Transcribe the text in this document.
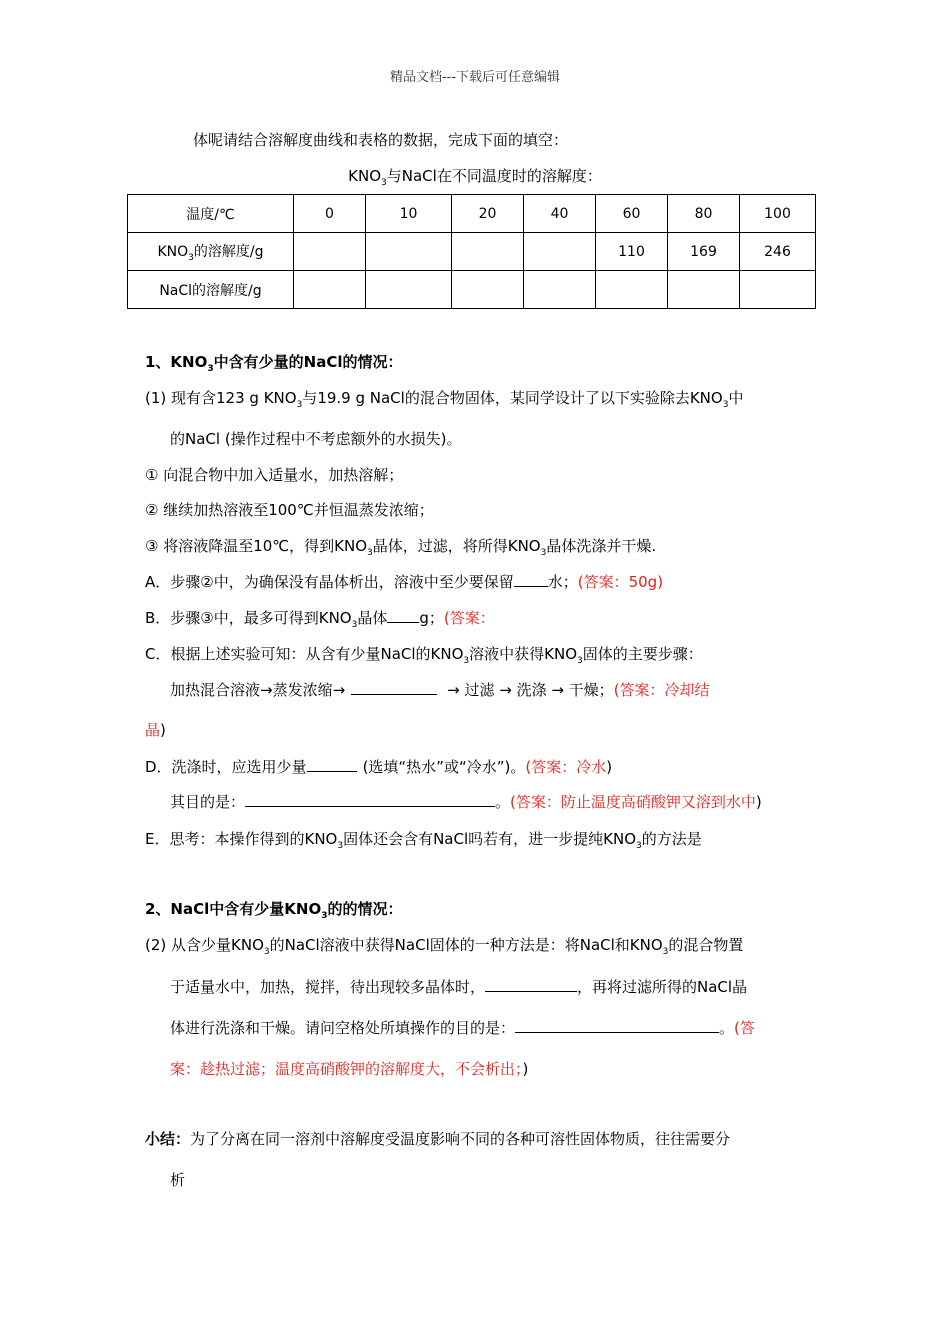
精品文档---下载后可任意编辑
体呢请结合溶解度曲线和表格的数据，完成下面的填空：
$KNO_3$与NaCl在不同温度时的溶解度：
温度/℃	0	10	20	40	60	80	100
$KNO_3$的溶解度/g					110	169	246
NaCl的溶解度/g							
1、$KNO_3$中含有少量的NaCl的情况：
(1) 现有含123 g $KNO_3$与19.9 g NaCl的混合物固体，某同学设计了以下实验除去$KNO_3$中
的NaCl (操作过程中不考虑额外的水损失)。
① 向混合物中加入适量水，加热溶解；
② 继续加热溶液至100℃并恒温蒸发浓缩；
③ 将溶液降温至10℃，得到$KNO_3$晶体，过滤，将所得$KNO_3$晶体洗涤并干燥.
A．步骤②中，为确保没有晶体析出，溶液中至少要保留 水；(答案：50g)
B．步骤③中，最多可得到$KNO_3$晶体 g；(答案：
C．根据上述实验可知：从含有少量NaCl的$KNO_3$溶液中获得$KNO_3$固体的主要步骤：
加热混合溶液→蒸发浓缩→	→ 过滤 → 洗涤 → 干燥；(答案：冷却结
晶)
D．洗涤时，应选用少量	(选填“热水”或“冷水”)。(答案：冷水)
其目的是：	。(答案：防止温度高硝酸钾又溶到水中)
E．思考：本操作得到的$KNO_3$固体还会含有NaCl吗若有，进一步提纯$KNO_3$的方法是
2、NaCl中含有少量$KNO_3$的的情况：
(2) 从含少量$KNO_3$的NaCl溶液中获得NaCl固体的一种方法是：将NaCl和$KNO_3$的混合物置
于适量水中，加热，搅拌，待出现较多晶体时，	，再将过滤所得的NaCl晶
体进行洗涤和干燥。请问空格处所填操作的目的是：	。(答
案：趁热过滤；温度高硝酸钾的溶解度大，不会析出；)
小结：为了分离在同一溶剂中溶解度受温度影响不同的各种可溶性固体物质，往往需要分
析
